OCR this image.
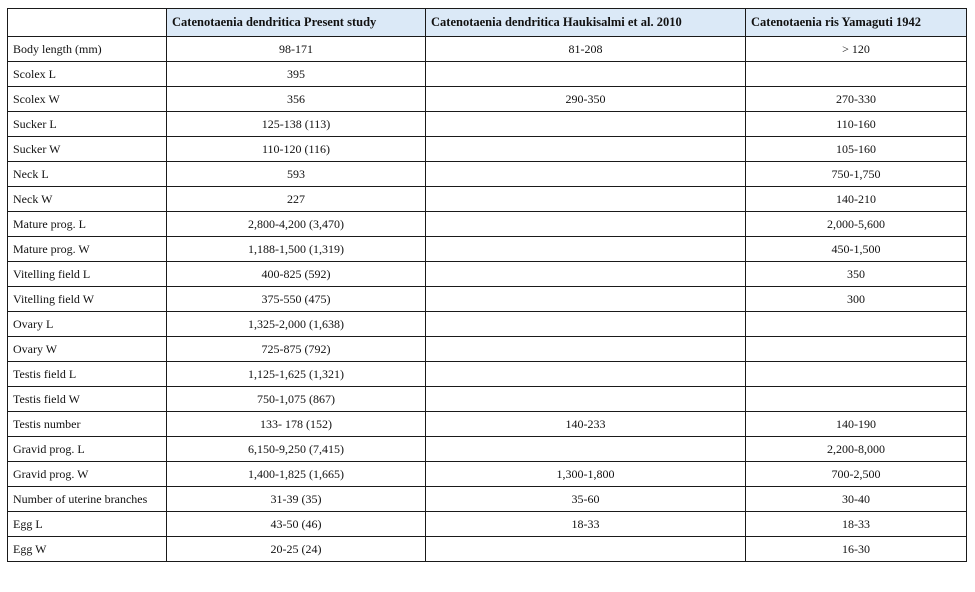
	Catenotaenia dendritica Present study	Catenotaenia dendritica Haukisalmi et al. 2010	Catenotaenia ris Yamaguti 1942
Body length (mm)	98-171	81-208	> 120
Scolex L	395		
Scolex W	356	290-350	270-330
Sucker L	125-138 (113)		110-160
Sucker W	110-120 (116)		105-160
Neck L	593		750-1,750
Neck W	227		140-210
Mature prog. L	2,800-4,200 (3,470)		2,000-5,600
Mature prog. W	1,188-1,500 (1,319)		450-1,500
Vitelling field L	400-825 (592)		350
Vitelling field W	375-550 (475)		300
Ovary L	1,325-2,000 (1,638)		
Ovary W	725-875 (792)		
Testis field L	1,125-1,625 (1,321)		
Testis field W	750-1,075 (867)		
Testis number	133- 178 (152)	140-233	140-190
Gravid prog. L	6,150-9,250 (7,415)		2,200-8,000
Gravid prog. W	1,400-1,825 (1,665)	1,300-1,800	700-2,500
Number of uterine branches	31-39 (35)	35-60	30-40
Egg L	43-50 (46)	18-33	18-33
Egg W	20-25 (24)		16-30
